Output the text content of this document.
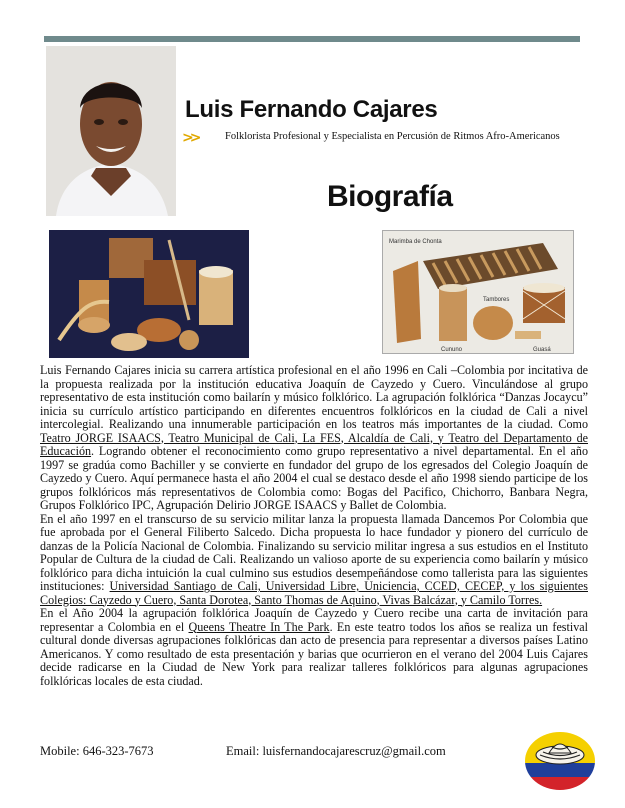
Luis Fernando Cajares
>>	Folklorista Profesional y Especialista en Percusión de Ritmos Afro-Americanos
Biografía
Marimba de Chonta
Tambores
Cununo	Guasá

Luis Fernando Cajares inicia su carrera artística profesional en el año 1996 en Cali –Colombia por incitativa de la propuesta realizada por la institución educativa Joaquín de Cayzedo y Cuero. Vinculándose al grupo representativo de esta institución como bailarín y músico folklórico. La agrupación folklórica “Danzas Jocaycu” inicia su currículo artístico participando en diferentes encuentros folklóricos en la ciudad de Cali a nivel intercolegial. Realizando una innumerable participación en los teatros más importantes de la ciudad. Como Teatro JORGE ISAACS, Teatro Municipal de Cali, La FES, Alcaldía de Cali, y Teatro del Departamento de Educación. Logrando obtener el reconocimiento como grupo representativo a nivel departamental. En el año 1997 se gradúa como Bachiller y se convierte en fundador del grupo de los egresados del Colegio Joaquín de Cayzedo y Cuero. Aquí permanece hasta el año 2004 el cual se destaco desde el año 1998 siendo participe de los grupos folklóricos más representativos de Colombia como: Bogas del Pacifico, Chichorro, Banbara Negra, Grupos Folklórico IPC, Agrupación Delirio JORGE ISAACS y Ballet de Colombia.

En el año 1997 en el transcurso de su servicio militar lanza la propuesta llamada Dancemos Por Colombia que fue aprobada por el General Filiberto Salcedo. Dicha propuesta lo hace fundador y pionero del currículo de danzas de la Policía Nacional de Colombia. Finalizando su servicio militar ingresa a sus estudios en el Instituto Popular de Cultura de la ciudad de Cali. Realizando un valioso aporte de su experiencia como bailarín y músico folklórico para dicha intuición la cual culmino sus estudios desempeñándose como tallerista para las siguientes instituciones: Universidad Santiago de Cali, Universidad Libre, Uniciencia, CCED, CECEP, y los siguientes Colegios: Cayzedo y Cuero, Santa Dorotea, Santo Thomas de Aquino, Vivas Balcázar, y Camilo Torres.

En el Año 2004 la agrupación folklórica Joaquín de Cayzedo y Cuero recibe una carta de invitación para representar a Colombia en el Queens Theatre In The Park. En este teatro todos los años se realiza un festival cultural donde diversas agrupaciones folklóricas dan acto de presencia para representar a diversos países Latino Americanos. Y como resultado de esta presentación y barias que ocurrieron en el verano del 2004 Luis Cajares decide radicarse en la Ciudad de New York para realizar talleres folklóricos para algunas agrupaciones folklóricas locales de esta ciudad.

Mobile: 646-323-7673	Email: luisfernandocajarescruz@gmail.com
